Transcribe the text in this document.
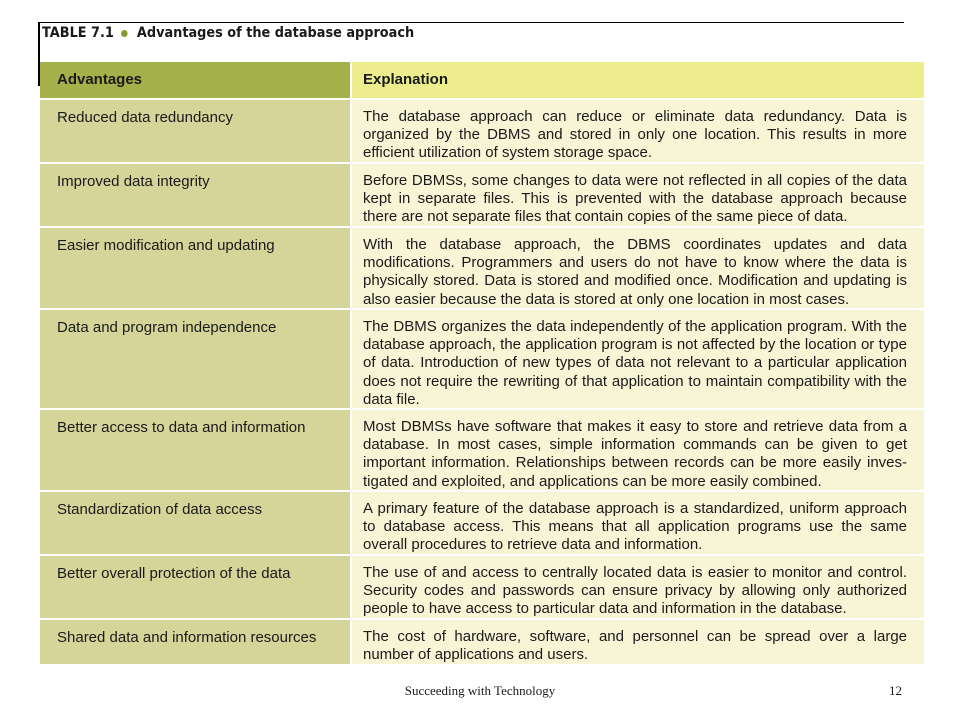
TABLE 7.1 Advantages of the database approach
Advantages	Explanation
Reduced data redundancy	The database approach can reduce or eliminate data redundancy. Data is organized by the DBMS and stored in only one location. This results in more efficient utilization of system storage space.
Improved data integrity	Before DBMSs, some changes to data were not reflected in all copies of the data kept in separate files. This is prevented with the database approach because there are not separate files that contain copies of the same piece of data.
Easier modification and updating	With the database approach, the DBMS coordinates updates and data modifications. Programmers and users do not have to know where the data is physically stored. Data is stored and modified once. Modification and updating is also easier because the data is stored at only one location in most cases.
Data and program independence	The DBMS organizes the data independently of the application program. With the database approach, the application program is not affected by the location or type of data. Introduction of new types of data not relevant to a particular application does not require the rewriting of that application to maintain compatibility with the data file.
Better access to data and information	Most DBMSs have software that makes it easy to store and retrieve data from a database. In most cases, simple information commands can be given to get important information. Relationships between records can be more easily inves-tigated and exploited, and applications can be more easily combined.
Standardization of data access	A primary feature of the database approach is a standardized, uniform approach to database access. This means that all application programs use the same overall procedures to retrieve data and information.
Better overall protection of the data	The use of and access to centrally located data is easier to monitor and control. Security codes and passwords can ensure privacy by allowing only authorized people to have access to particular data and information in the database.
Shared data and information resources	The cost of hardware, software, and personnel can be spread over a large number of applications and users.
Succeeding with Technology	12
